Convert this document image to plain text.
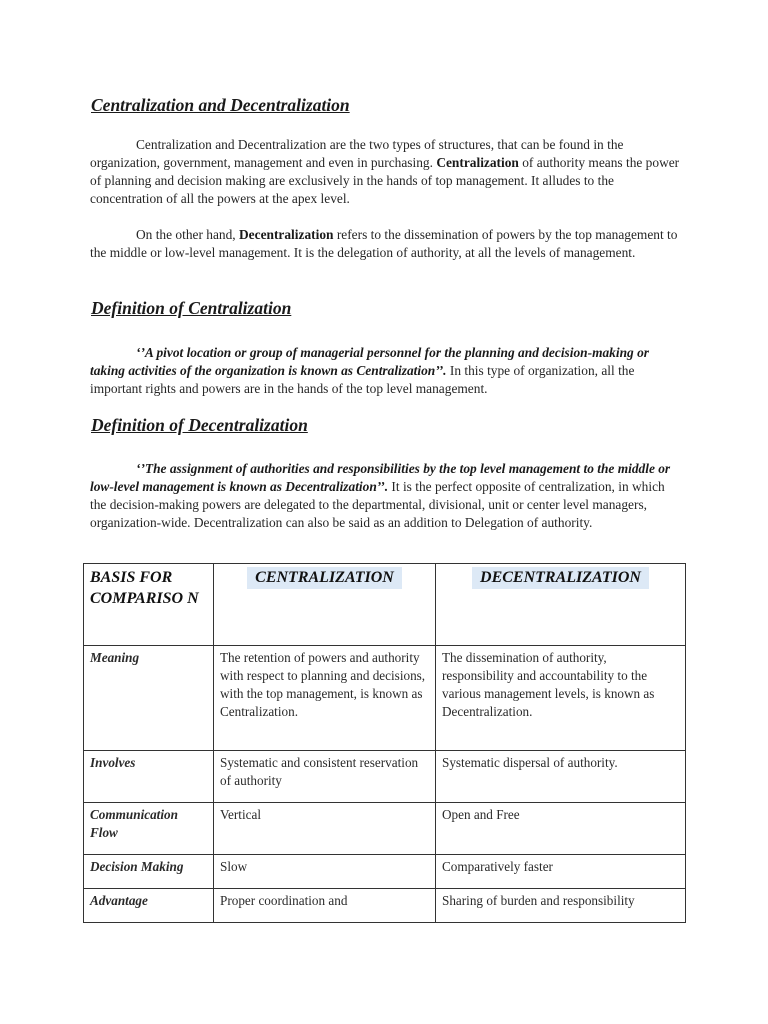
Centralization and Decentralization

Centralization and Decentralization are the two types of structures, that can be found in the organization, government, management and even in purchasing. Centralization of authority means the power of planning and decision making are exclusively in the hands of top management. It alludes to the concentration of all the powers at the apex level.

On the other hand, Decentralization refers to the dissemination of powers by the top management to the middle or low-level management. It is the delegation of authority, at all the levels of management.

Definition of Centralization

‘’A pivot location or group of managerial personnel for the planning and decision-making or taking activities of the organization is known as Centralization’’. In this type of organization, all the important rights and powers are in the hands of the top level management.

Definition of Decentralization

‘’The assignment of authorities and responsibilities by the top level management to the middle or low-level management is known as Decentralization’’. It is the perfect opposite of centralization, in which the decision-making powers are delegated to the departmental, divisional, unit or center level managers, organization-wide. Decentralization can also be said as an addition to Delegation of authority.

BASIS FOR COMPARISO N	CENTRALIZATION	DECENTRALIZATION
Meaning	The retention of powers and authority with respect to planning and decisions, with the top management, is known as Centralization.	The dissemination of authority, responsibility and accountability to the various management levels, is known as Decentralization.
Involves	Systematic and consistent reservation of authority	Systematic dispersal of authority.
Communication Flow	Vertical	Open and Free
Decision Making	Slow	Comparatively faster
Advantage	Proper coordination and	Sharing of burden and responsibility
